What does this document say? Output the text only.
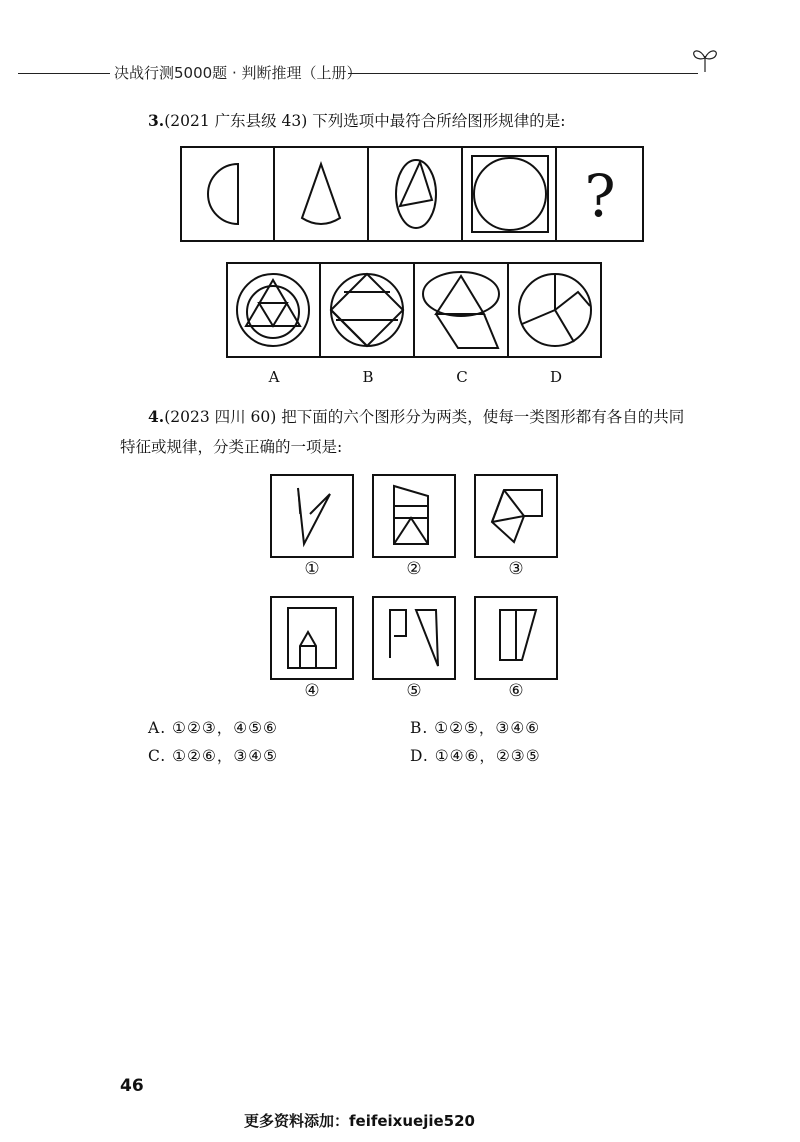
决战行测5000题 · 判断推理（上册）
3.(2021 广东县级 43) 下列选项中最符合所给图形规律的是:
?
A	B	C	D
4.(2023 四川 60) 把下面的六个图形分为两类，使每一类图形都有各自的共同
特征或规律，分类正确的一项是:
①	②	③
④	⑤	⑥
A. ①②③，④⑤⑥	B. ①②⑤，③④⑥
C. ①②⑥，③④⑤	D. ①④⑥，②③⑤
46
更多资料添加：feifeixuejie520
